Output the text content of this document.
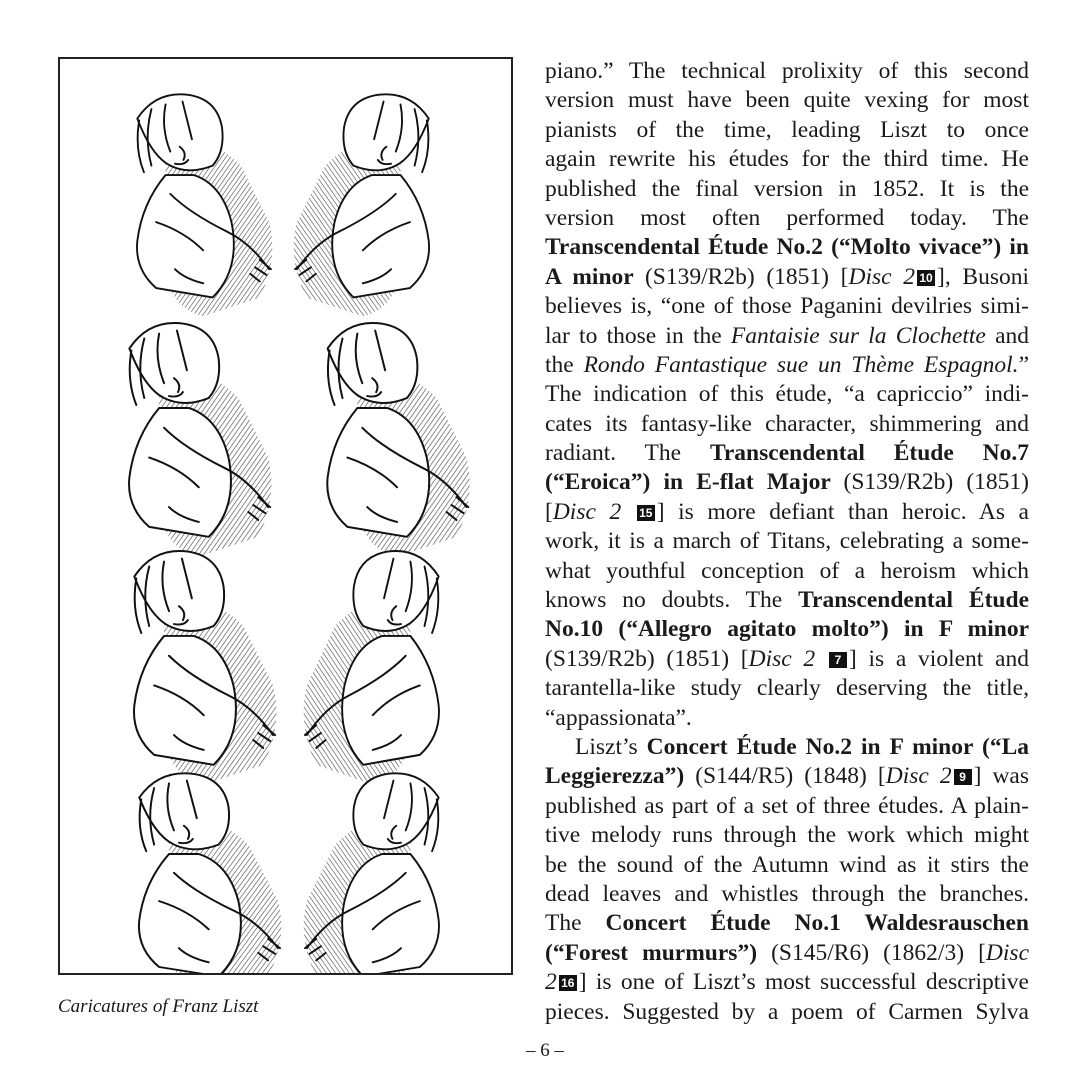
Caricatures of Franz Liszt
piano.” The technical prolixity of this second
version must have been quite vexing for most
pianists of the time, leading Liszt to once
again rewrite his études for the third time. He
published the final version in 1852. It is the
version most often performed today. The
Transcendental Étude No.2 (“Molto vivace”) in
A minor (S139/R2b) (1851) [Disc 2 10 ], Busoni
believes is, “one of those Paganini devilries simi-
lar to those in the Fantaisie sur la Clochette and
the Rondo Fantastique sue un Thème Espagnol.”
The indication of this étude, “a capriccio” indi-
cates its fantasy-like character, shimmering and
radiant. The Transcendental Étude No.7
(“Eroica”) in E-flat Major (S139/R2b) (1851)
[Disc 2 15 ] is more defiant than heroic. As a
work, it is a march of Titans, celebrating a some-
what youthful conception of a heroism which
knows no doubts. The Transcendental Étude
No.10 (“Allegro agitato molto”) in F minor
(S139/R2b) (1851) [Disc 2 7 ] is a violent and
tarantella-like study clearly deserving the title,
“appassionata”.
Liszt’s Concert Étude No.2 in F minor (“La
Leggierezza”) (S144/R5) (1848) [Disc 2 9 ] was
published as part of a set of three études. A plain-
tive melody runs through the work which might
be the sound of the Autumn wind as it stirs the
dead leaves and whistles through the branches.
The Concert Étude No.1 Waldesrauschen
(“Forest murmurs”) (S145/R6) (1862/3) [Disc
2 16 ] is one of Liszt’s most successful descriptive
pieces. Suggested by a poem of Carmen Sylva
– 6 –
